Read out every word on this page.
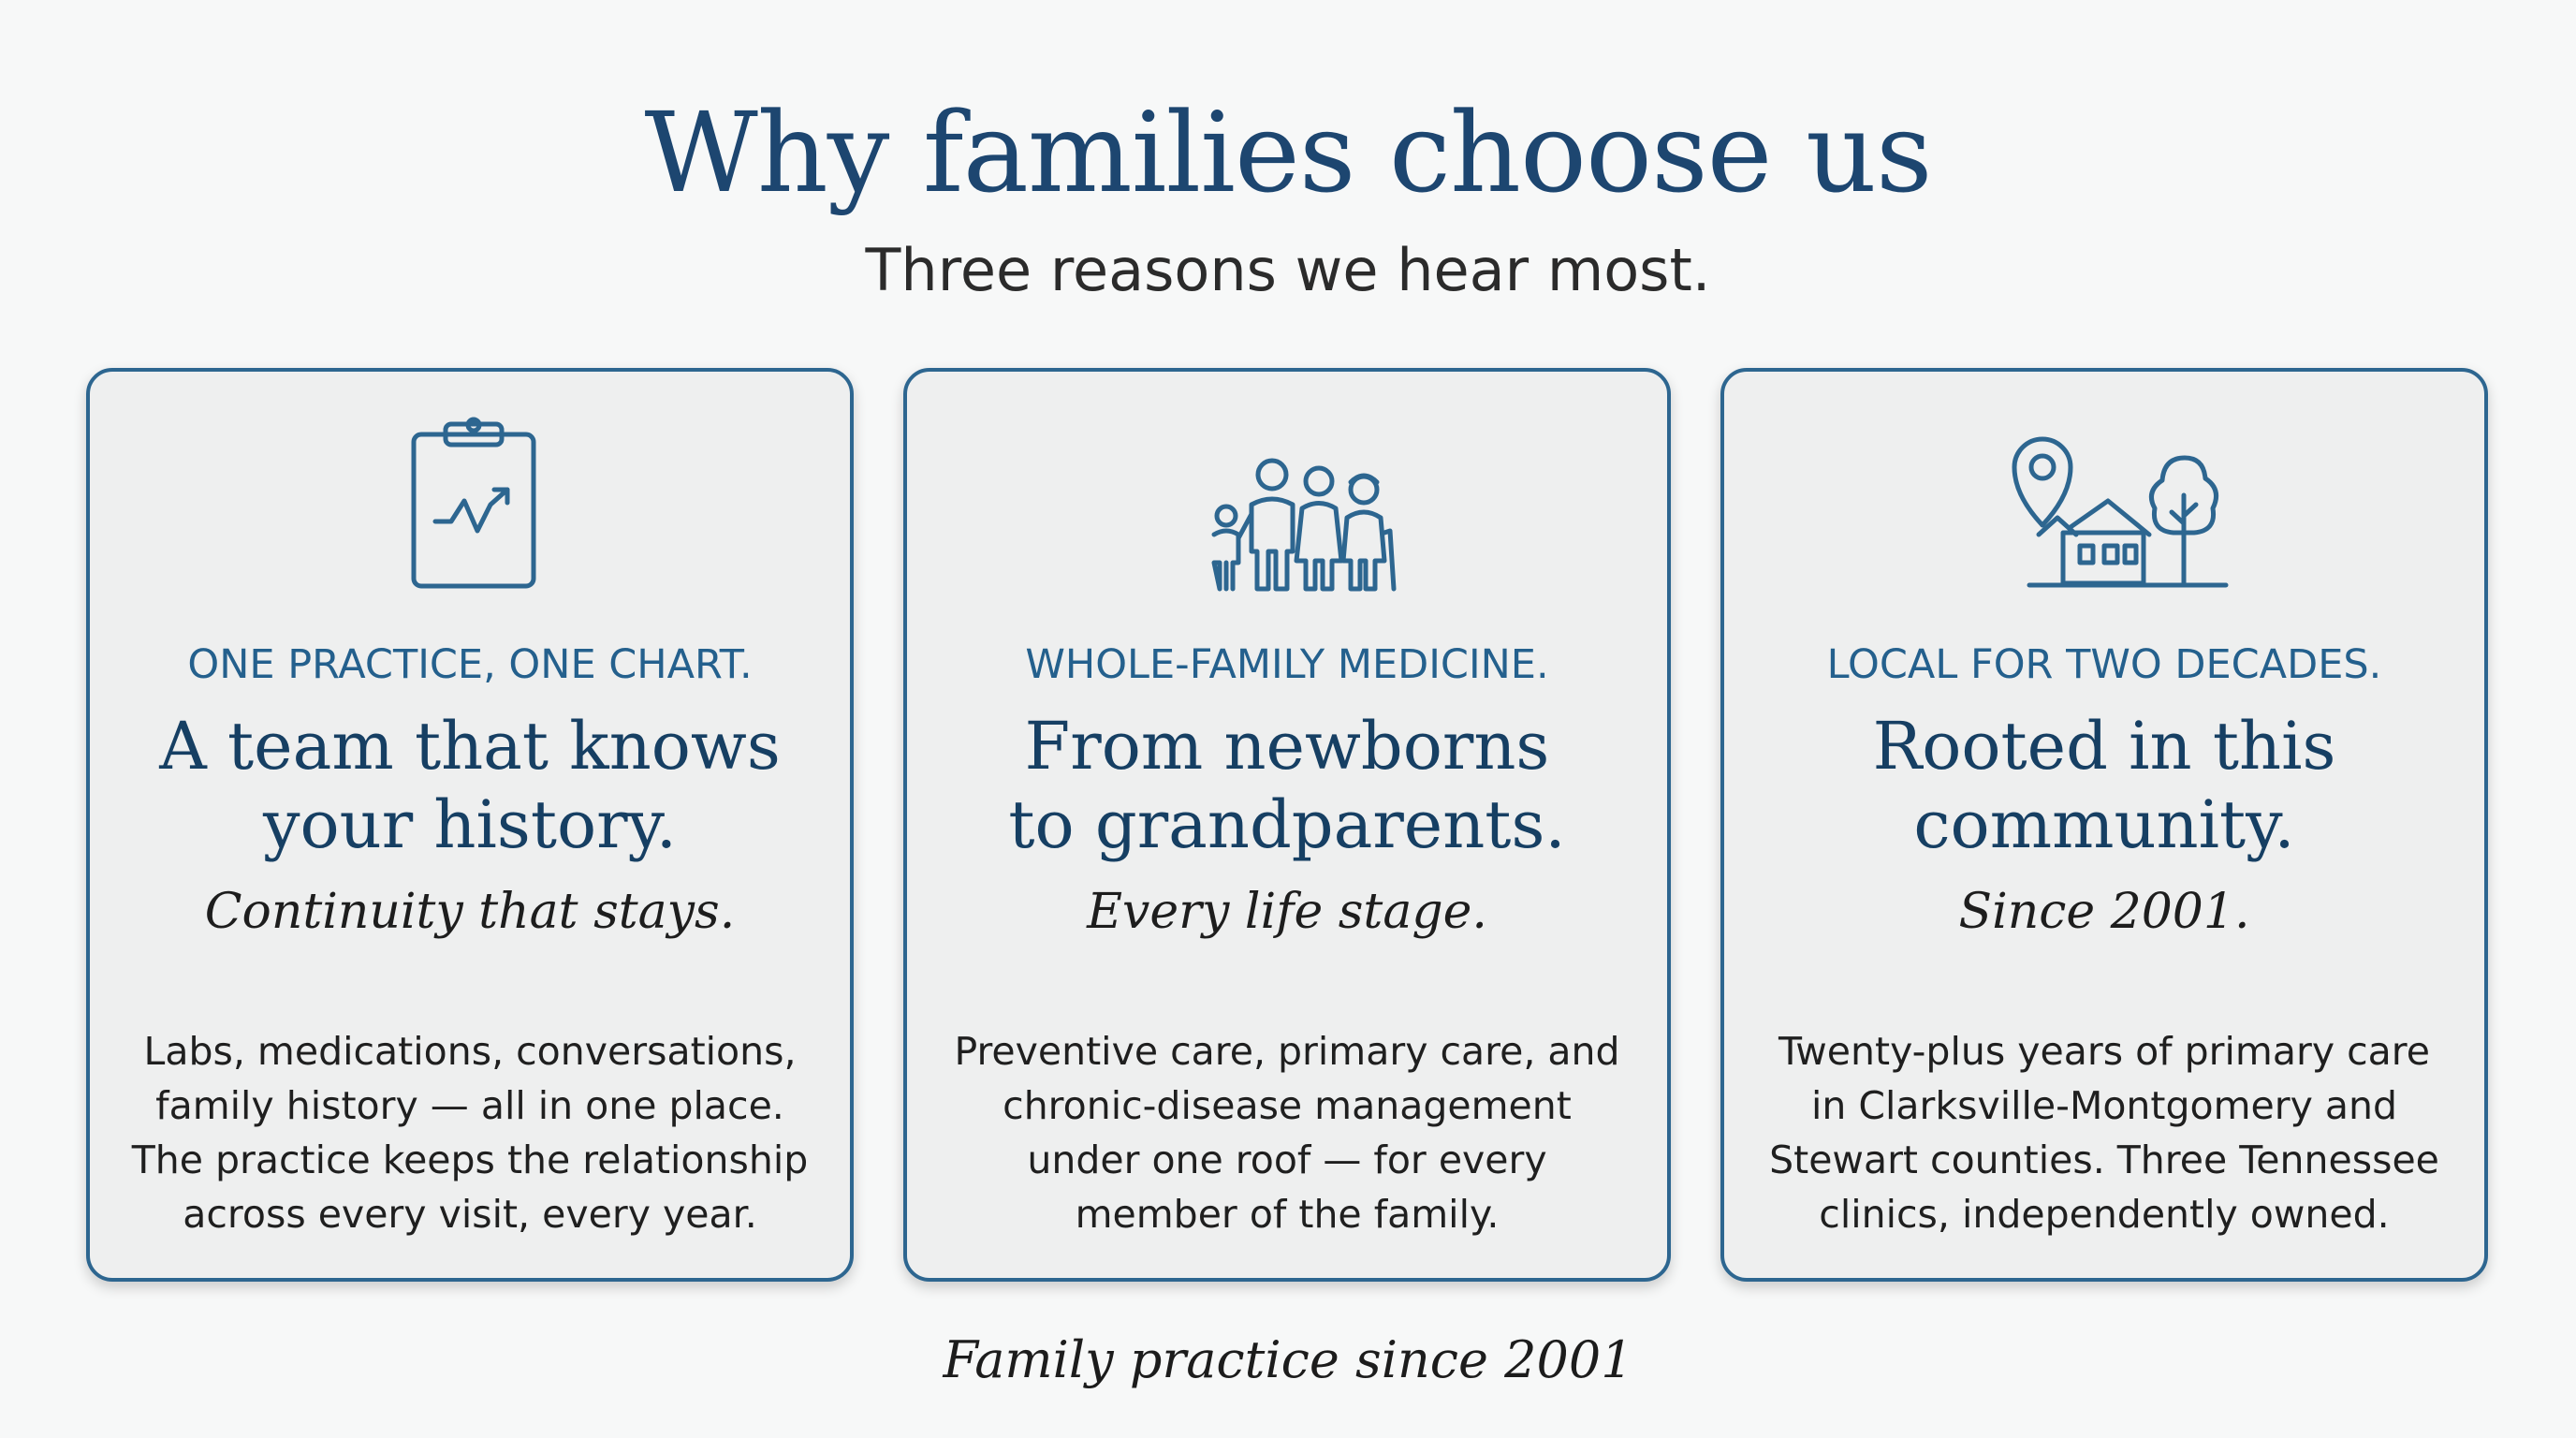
Why families choose us
Three reasons we hear most.
ONE PRACTICE, ONE CHART.
A team that knows
your history.
Continuity that stays.
Labs, medications, conversations,
family history — all in one place.
The practice keeps the relationship
across every visit, every year.
WHOLE-FAMILY MEDICINE.
From newborns
to grandparents.
Every life stage.
Preventive care, primary care, and
chronic-disease management
under one roof — for every
member of the family.
LOCAL FOR TWO DECADES.
Rooted in this
community.
Since 2001.
Twenty-plus years of primary care
in Clarksville-Montgomery and
Stewart counties. Three Tennessee
clinics, independently owned.
Family practice since 2001
